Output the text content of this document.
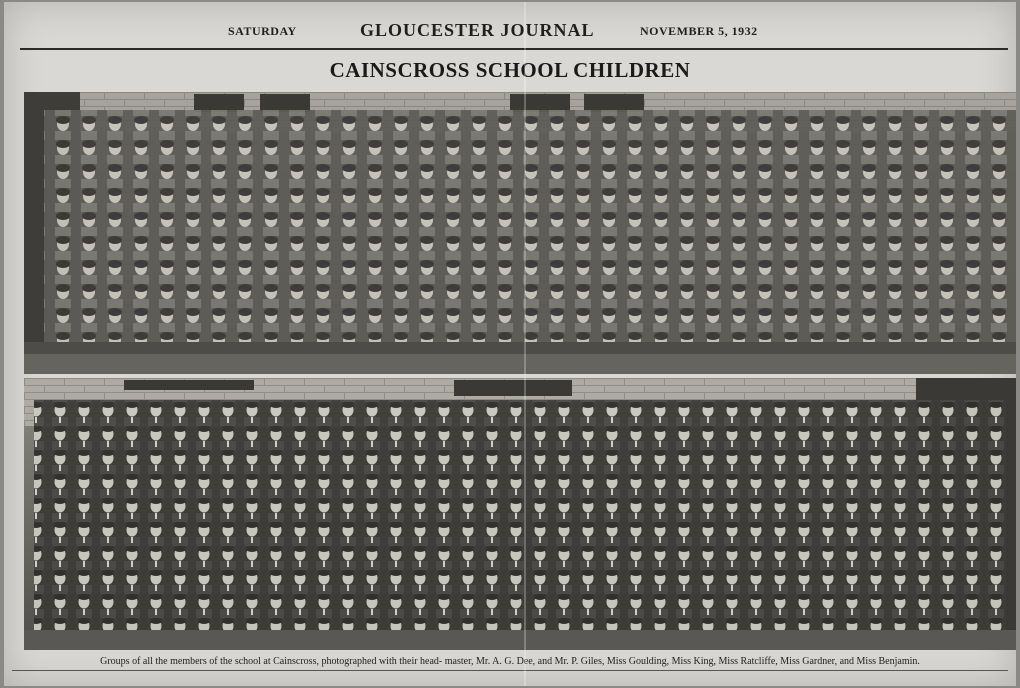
SATURDAY	GLOUCESTER JOURNAL	NOVEMBER 5, 1932
CAINSCROSS SCHOOL CHILDREN
Groups of all the members of the school at Cainscross, photographed with their head- master, Mr. A. G. Dee, and Mr. P. Giles, Miss Goulding, Miss King, Miss Ratcliffe, Miss Gardner, and Miss Benjamin.
